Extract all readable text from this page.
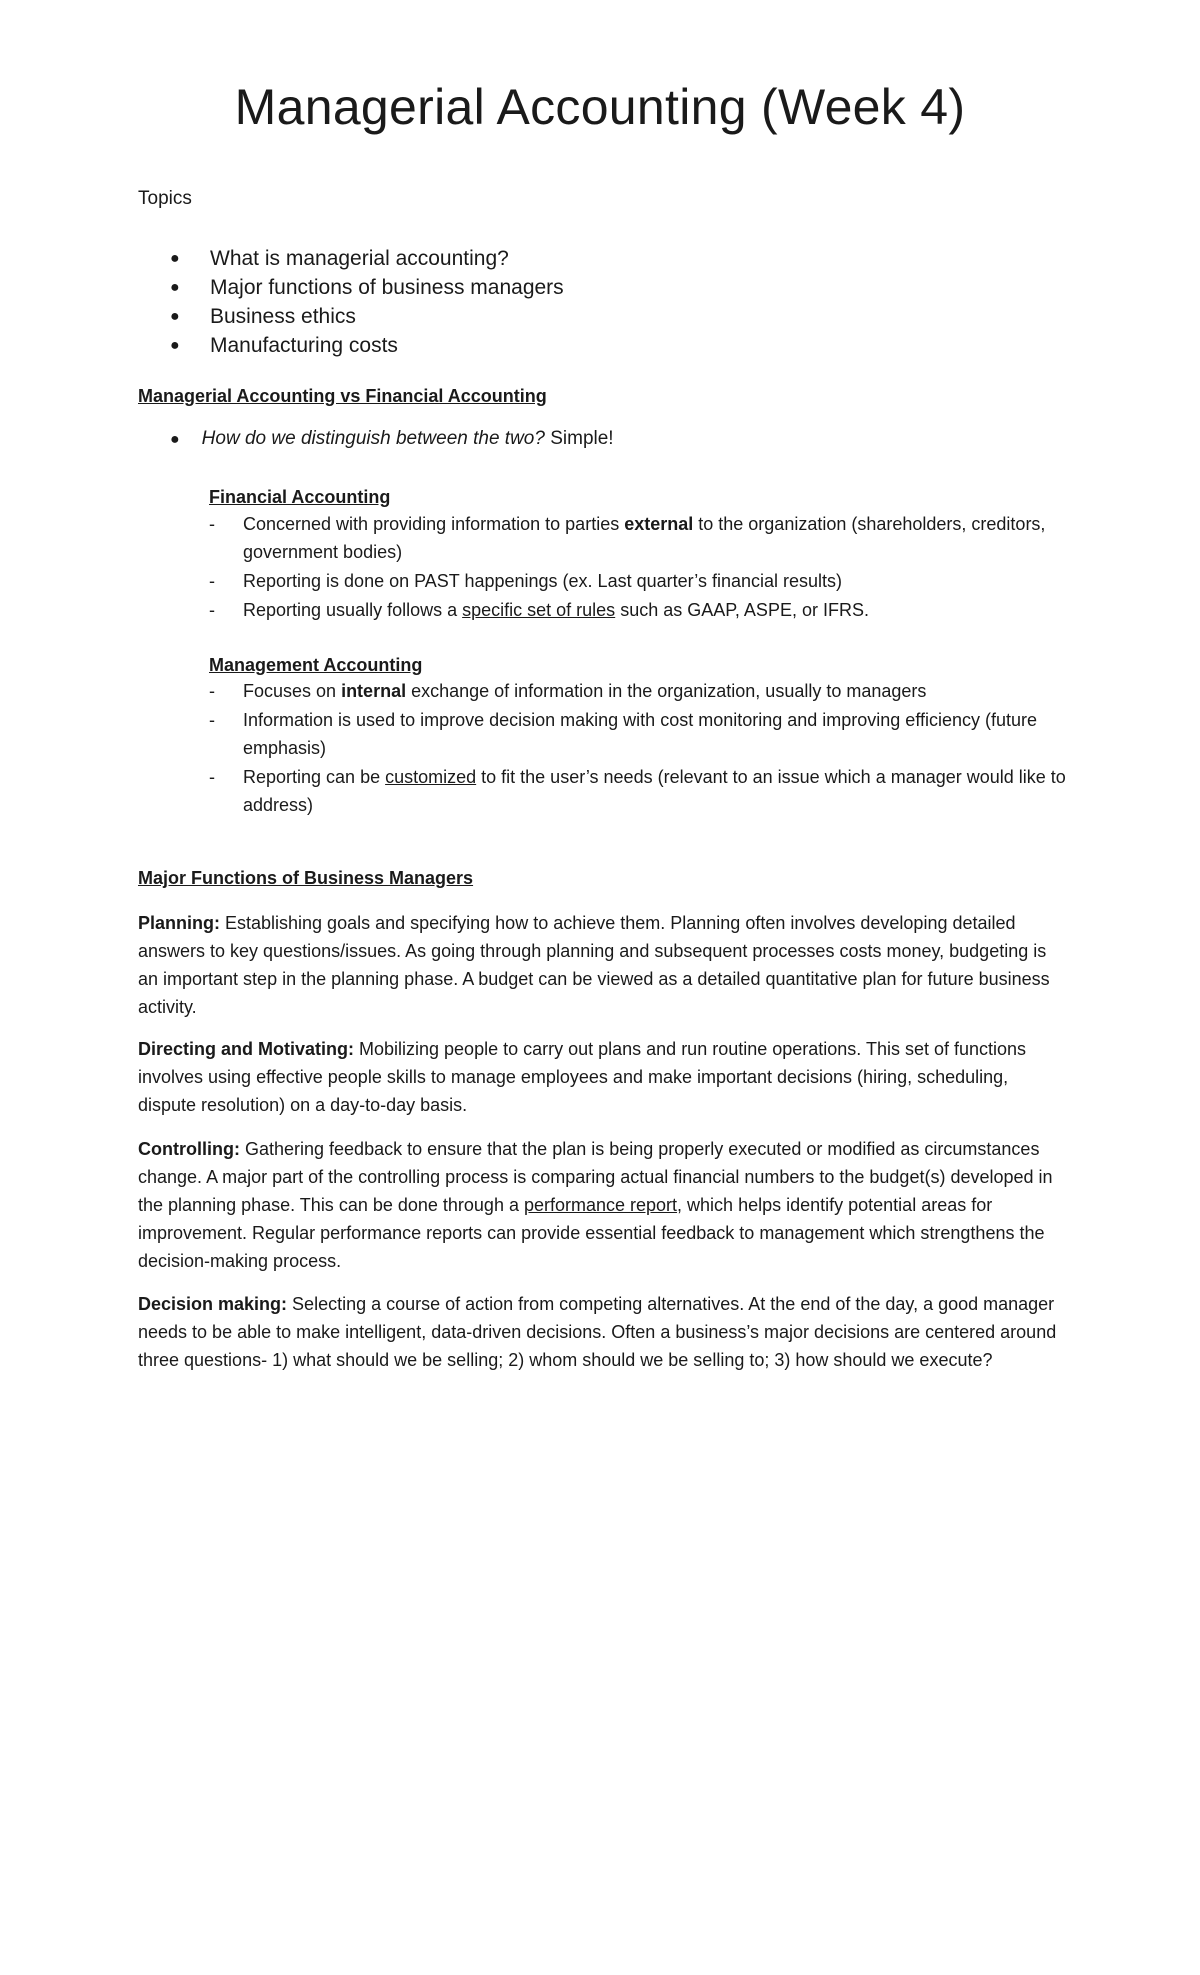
Managerial Accounting (Week 4)
Topics
● What is managerial accounting?
● Major functions of business managers
● Business ethics
● Manufacturing costs
Managerial Accounting vs Financial Accounting
● How do we distinguish between the two? Simple!
Financial Accounting
- Concerned with providing information to parties external to the organization (shareholders, creditors, government bodies)
- Reporting is done on PAST happenings (ex. Last quarter’s financial results)
- Reporting usually follows a specific set of rules such as GAAP, ASPE, or IFRS.
Management Accounting
- Focuses on internal exchange of information in the organization, usually to managers
- Information is used to improve decision making with cost monitoring and improving efficiency (future emphasis)
- Reporting can be customized to fit the user’s needs (relevant to an issue which a manager would like to address)
Major Functions of Business Managers

Planning: Establishing goals and specifying how to achieve them. Planning often involves developing detailed answers to key questions/issues. As going through planning and subsequent processes costs money, budgeting is an important step in the planning phase. A budget can be viewed as a detailed quantitative plan for future business activity.

Directing and Motivating: Mobilizing people to carry out plans and run routine operations. This set of functions involves using effective people skills to manage employees and make important decisions (hiring, scheduling, dispute resolution) on a day-to-day basis.

Controlling: Gathering feedback to ensure that the plan is being properly executed or modified as circumstances change. A major part of the controlling process is comparing actual financial numbers to the budget(s) developed in the planning phase. This can be done through a performance report, which helps identify potential areas for improvement. Regular performance reports can provide essential feedback to management which strengthens the decision-making process.

Decision making: Selecting a course of action from competing alternatives. At the end of the day, a good manager needs to be able to make intelligent, data-driven decisions. Often a business’s major decisions are centered around three questions- 1) what should we be selling; 2) whom should we be selling to; 3) how should we execute?
